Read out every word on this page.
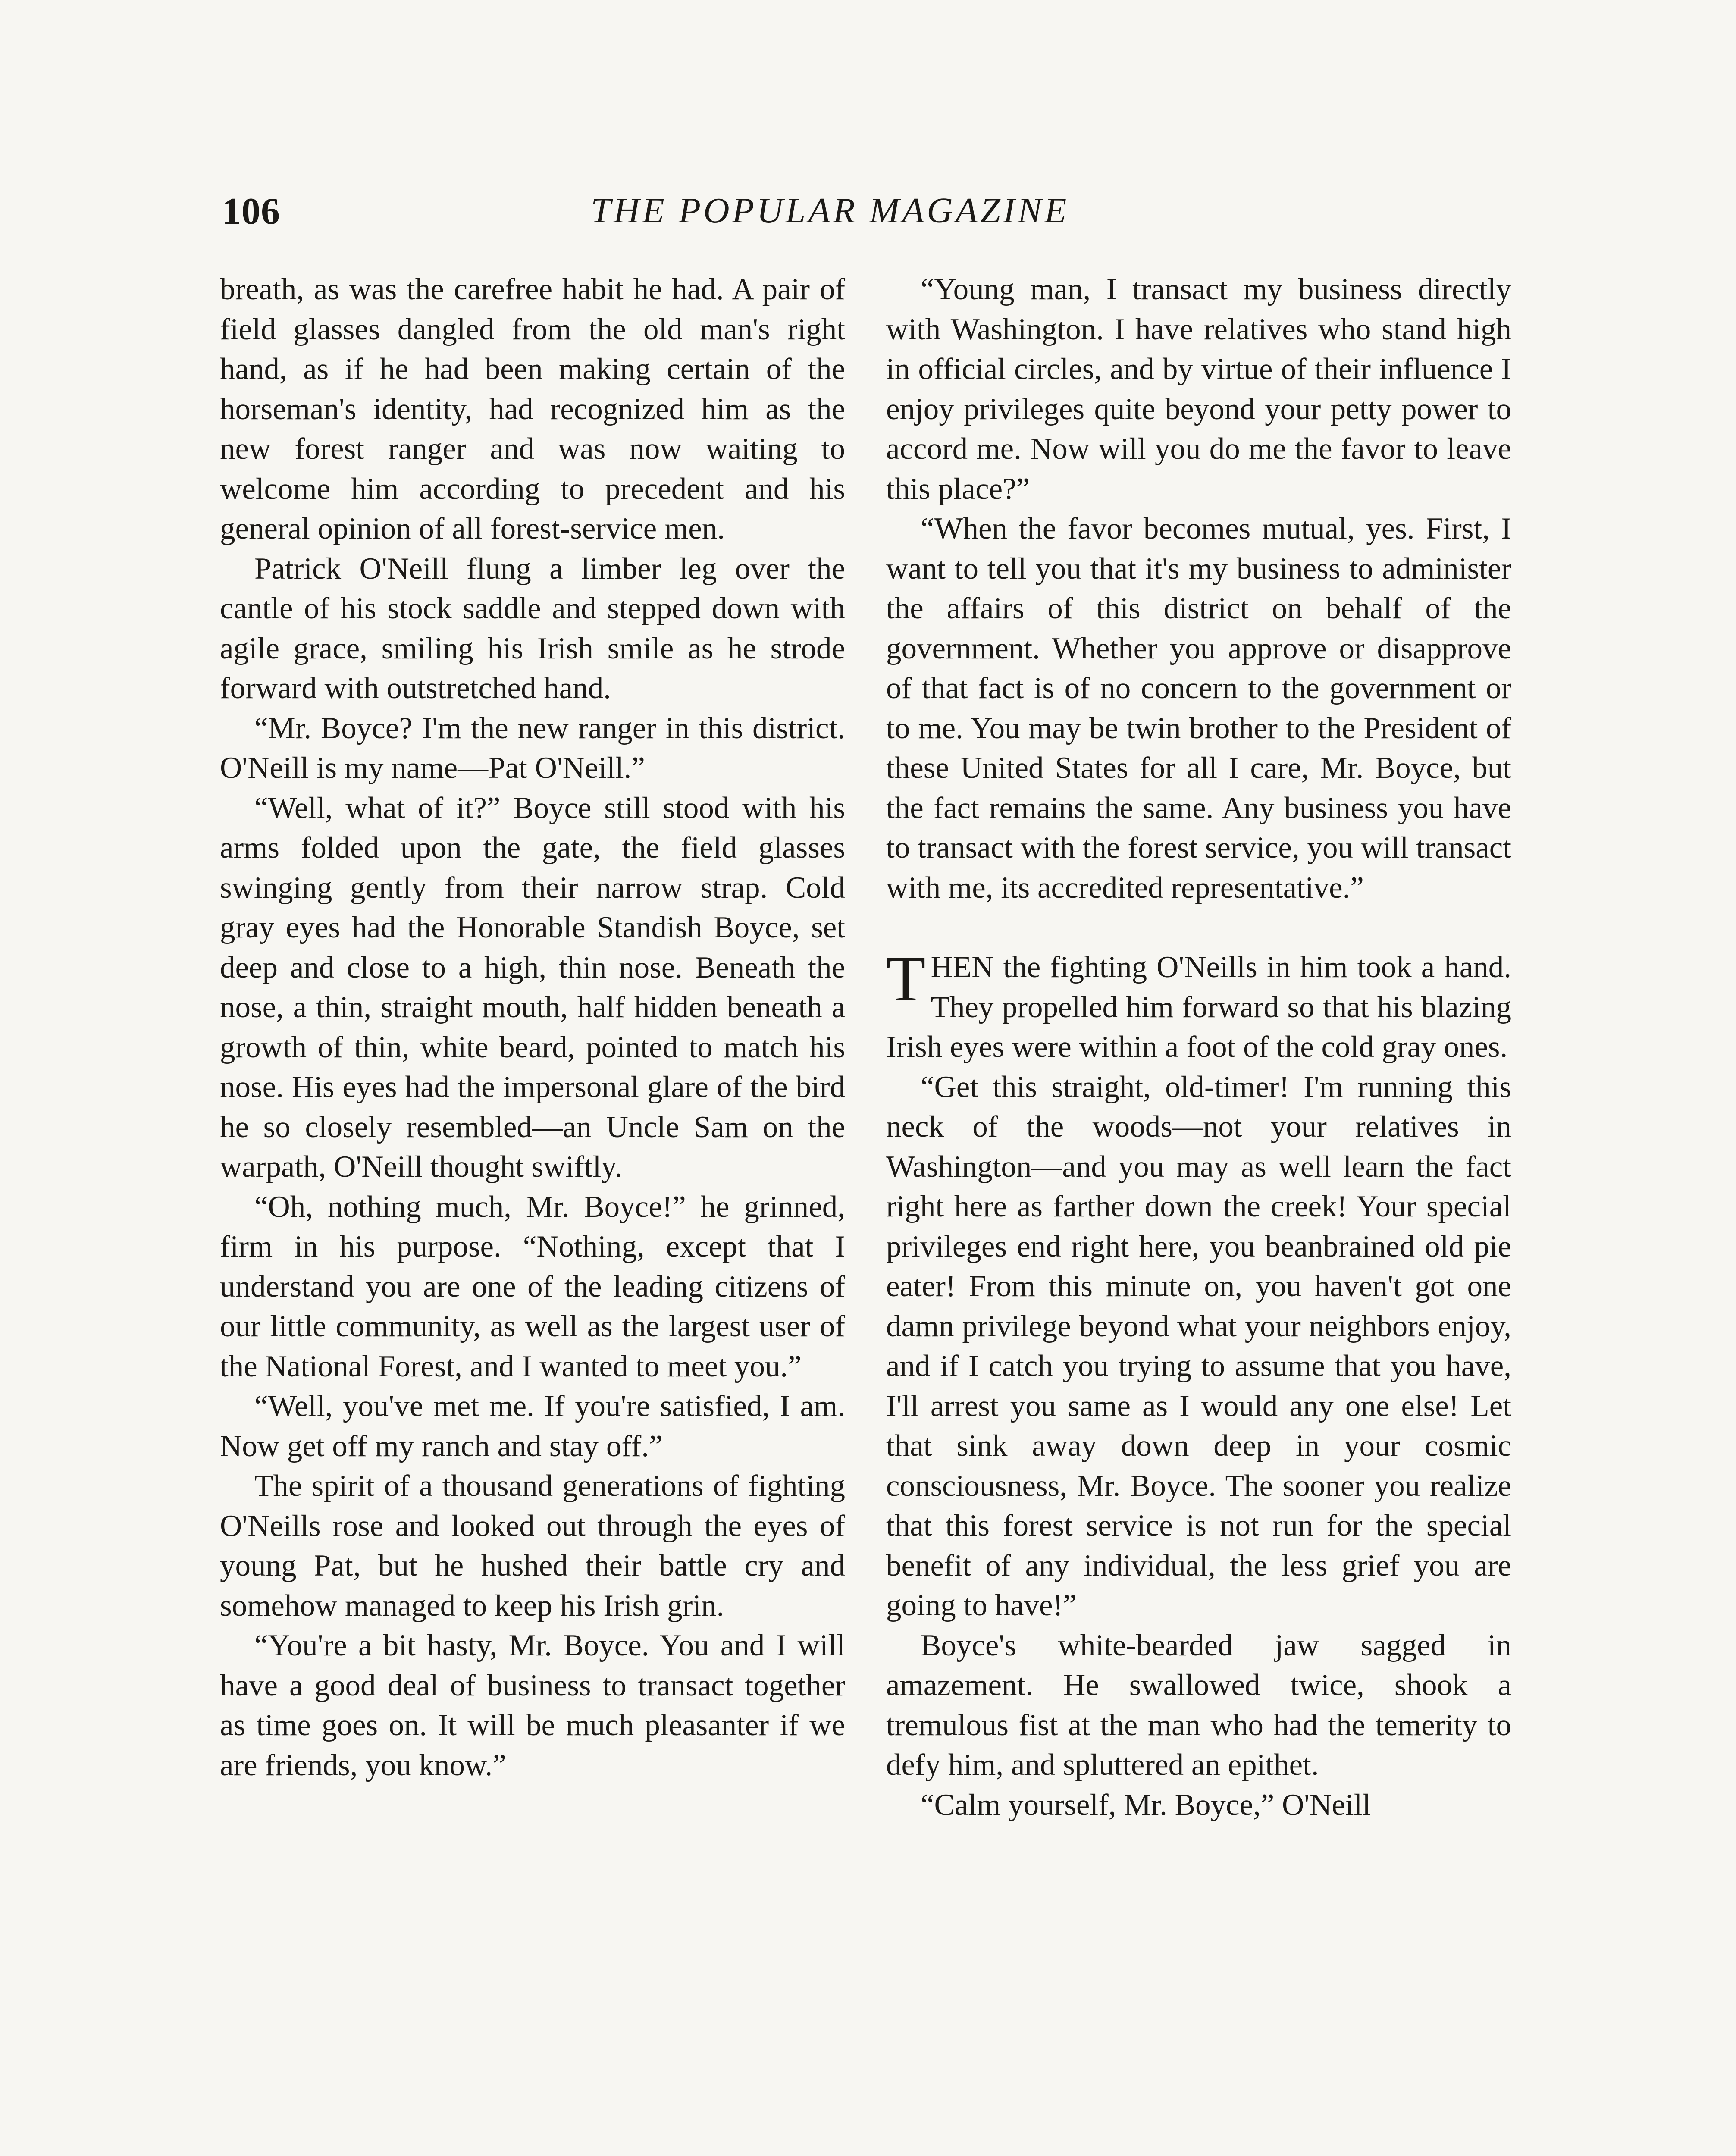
106	THE POPULAR MAGAZINE

breath, as was the carefree habit he had. A pair of field glasses dangled from the old man's right hand, as if he had been making certain of the horseman's identity, had recognized him as the new forest ranger and was now waiting to welcome him according to precedent and his general opinion of all forest-service men.

Patrick O'Neill flung a limber leg over the cantle of his stock saddle and stepped down with agile grace, smiling his Irish smile as he strode forward with outstretched hand.

“Mr. Boyce? I'm the new ranger in this district. O'Neill is my name—Pat O'Neill.”

“Well, what of it?” Boyce still stood with his arms folded upon the gate, the field glasses swinging gently from their narrow strap. Cold gray eyes had the Honorable Standish Boyce, set deep and close to a high, thin nose. Beneath the nose, a thin, straight mouth, half hidden beneath a growth of thin, white beard, pointed to match his nose. His eyes had the impersonal glare of the bird he so closely resembled—an Uncle Sam on the warpath, O'Neill thought swiftly.

“Oh, nothing much, Mr. Boyce!” he grinned, firm in his purpose. “Nothing, except that I understand you are one of the leading citizens of our little community, as well as the largest user of the National Forest, and I wanted to meet you.”

“Well, you've met me. If you're satisfied, I am. Now get off my ranch and stay off.”

The spirit of a thousand generations of fighting O'Neills rose and looked out through the eyes of young Pat, but he hushed their battle cry and somehow managed to keep his Irish grin.

“You're a bit hasty, Mr. Boyce. You and I will have a good deal of business to transact together as time goes on. It will be much pleasanter if we are friends, you know.”

“Young man, I transact my business directly with Washington. I have relatives who stand high in official circles, and by virtue of their influence I enjoy privileges quite beyond your petty power to accord me. Now will you do me the favor to leave this place?”

“When the favor becomes mutual, yes. First, I want to tell you that it's my business to administer the affairs of this district on behalf of the government. Whether you approve or disapprove of that fact is of no concern to the government or to me. You may be twin brother to the President of these United States for all I care, Mr. Boyce, but the fact remains the same. Any business you have to transact with the forest service, you will transact with me, its accredited representative.”

THEN the fighting O'Neills in him took a hand. They propelled him forward so that his blazing Irish eyes were within a foot of the cold gray ones.

“Get this straight, old-timer! I'm running this neck of the woods—not your relatives in Washington—and you may as well learn the fact right here as farther down the creek! Your special privileges end right here, you beanbrained old pie eater! From this minute on, you haven't got one damn privilege beyond what your neighbors enjoy, and if I catch you trying to assume that you have, I'll arrest you same as I would any one else! Let that sink away down deep in your cosmic consciousness, Mr. Boyce. The sooner you realize that this forest service is not run for the special benefit of any individual, the less grief you are going to have!”

Boyce's white-bearded jaw sagged in amazement. He swallowed twice, shook a tremulous fist at the man who had the temerity to defy him, and spluttered an epithet.

“Calm yourself, Mr. Boyce,” O'Neill
